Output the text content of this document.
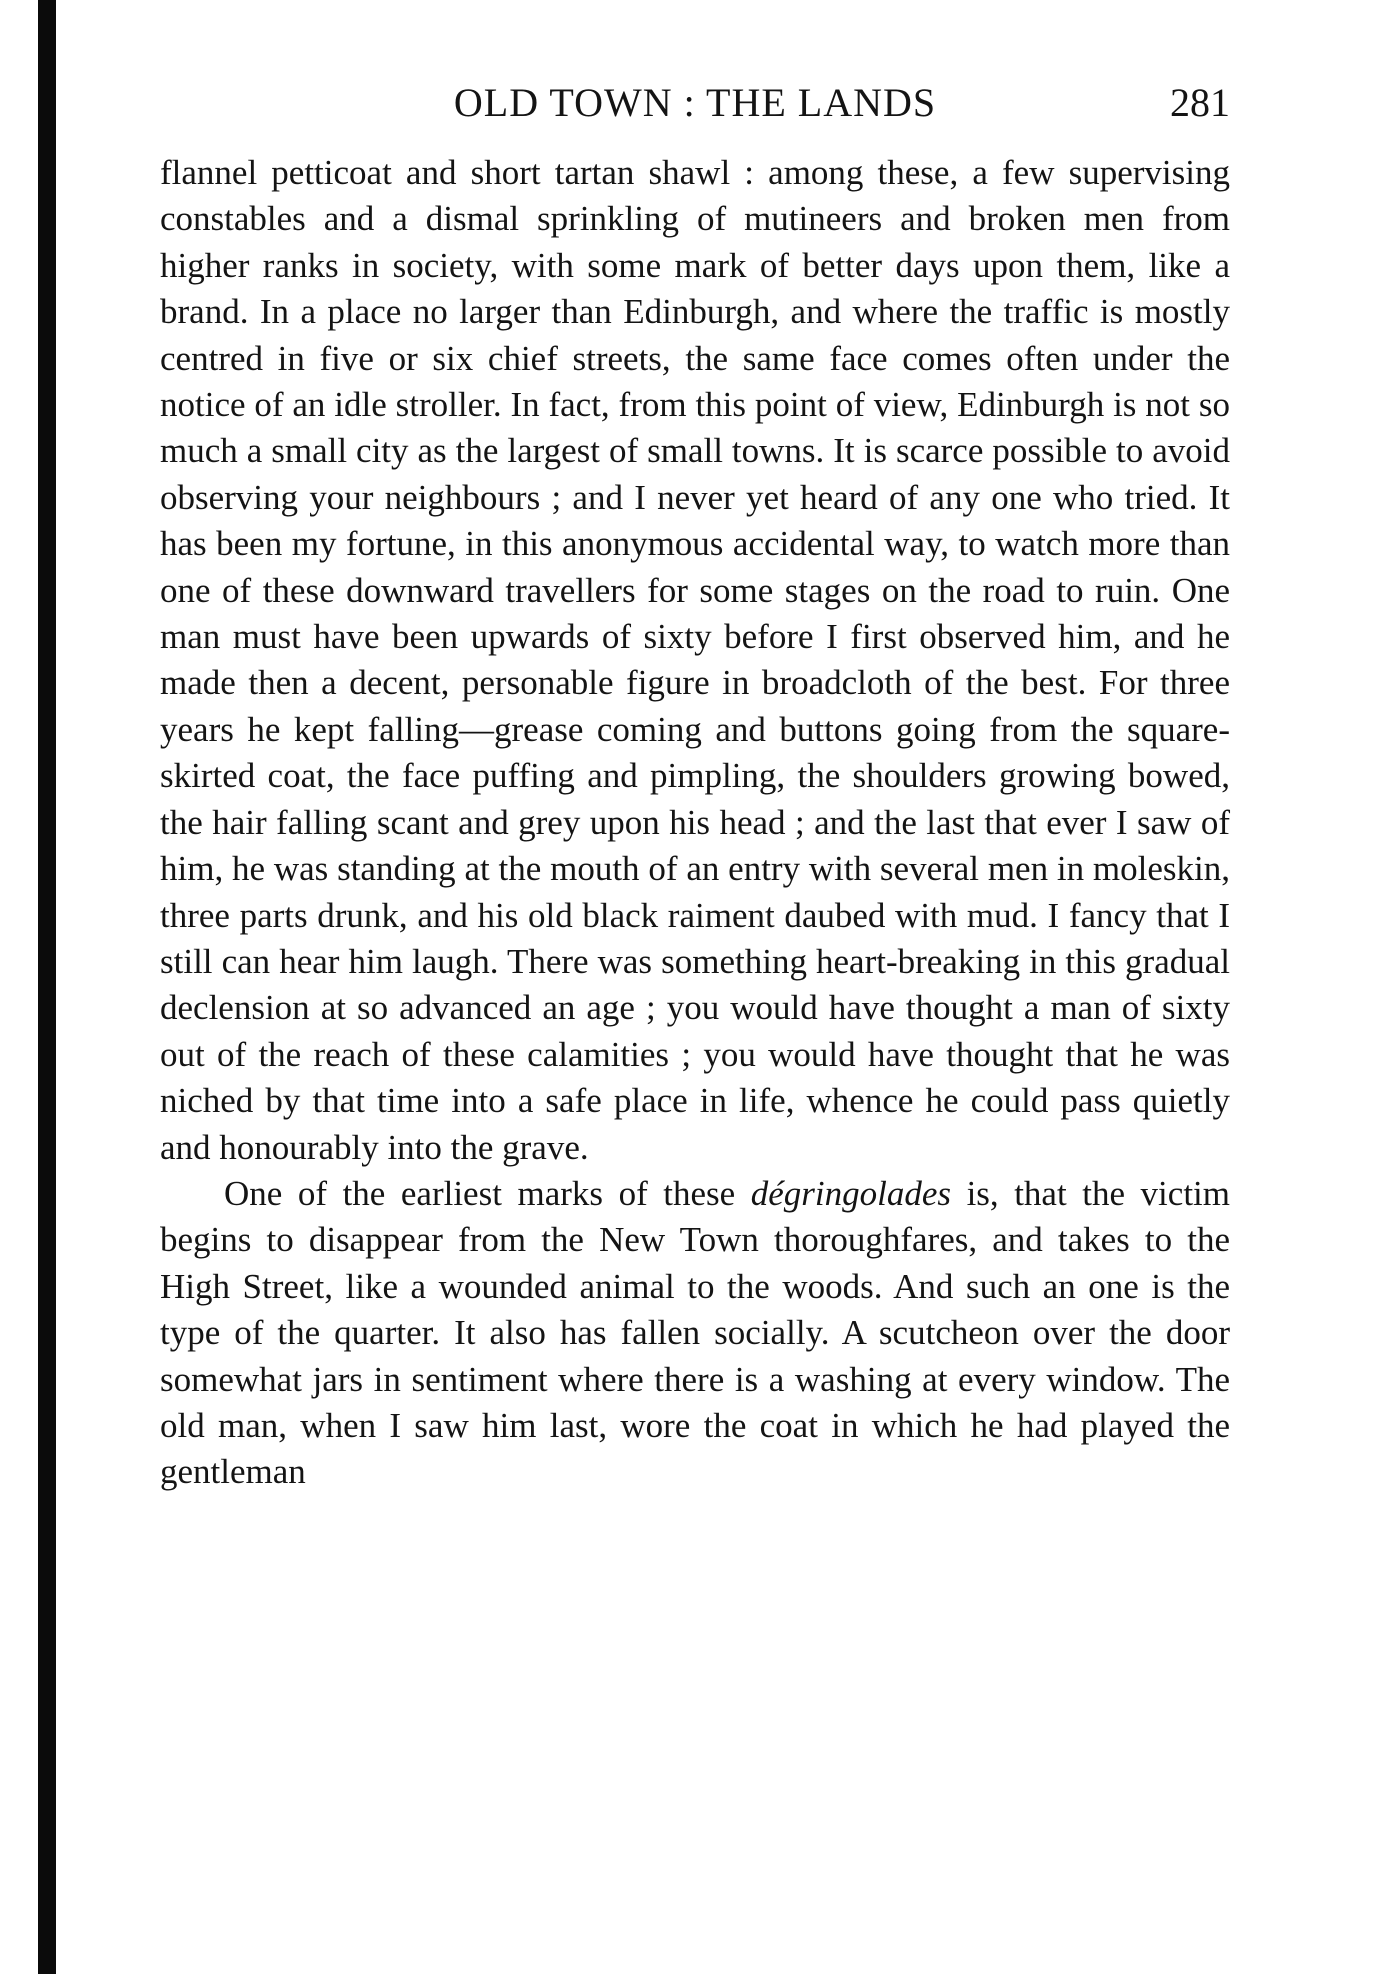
OLD TOWN : THE LANDS	281

flannel petticoat and short tartan shawl : among these, a few supervising constables and a dismal sprinkling of mutineers and broken men from higher ranks in society, with some mark of better days upon them, like a brand. In a place no larger than Edinburgh, and where the traffic is mostly centred in five or six chief streets, the same face comes often under the notice of an idle stroller. In fact, from this point of view, Edinburgh is not so much a small city as the largest of small towns. It is scarce possible to avoid observing your neighbours ; and I never yet heard of any one who tried. It has been my fortune, in this anonymous accidental way, to watch more than one of these downward travellers for some stages on the road to ruin. One man must have been upwards of sixty before I first observed him, and he made then a decent, personable figure in broadcloth of the best. For three years he kept falling—grease coming and buttons going from the square-skirted coat, the face puffing and pimpling, the shoulders growing bowed, the hair falling scant and grey upon his head ; and the last that ever I saw of him, he was standing at the mouth of an entry with several men in moleskin, three parts drunk, and his old black raiment daubed with mud. I fancy that I still can hear him laugh. There was something heart-breaking in this gradual declension at so advanced an age ; you would have thought a man of sixty out of the reach of these calamities ; you would have thought that he was niched by that time into a safe place in life, whence he could pass quietly and honourably into the grave.

One of the earliest marks of these dégringolades is, that the victim begins to disappear from the New Town thoroughfares, and takes to the High Street, like a wounded animal to the woods. And such an one is the type of the quarter. It also has fallen socially. A scutcheon over the door somewhat jars in sentiment where there is a washing at every window. The old man, when I saw him last, wore the coat in which he had played the gentleman
